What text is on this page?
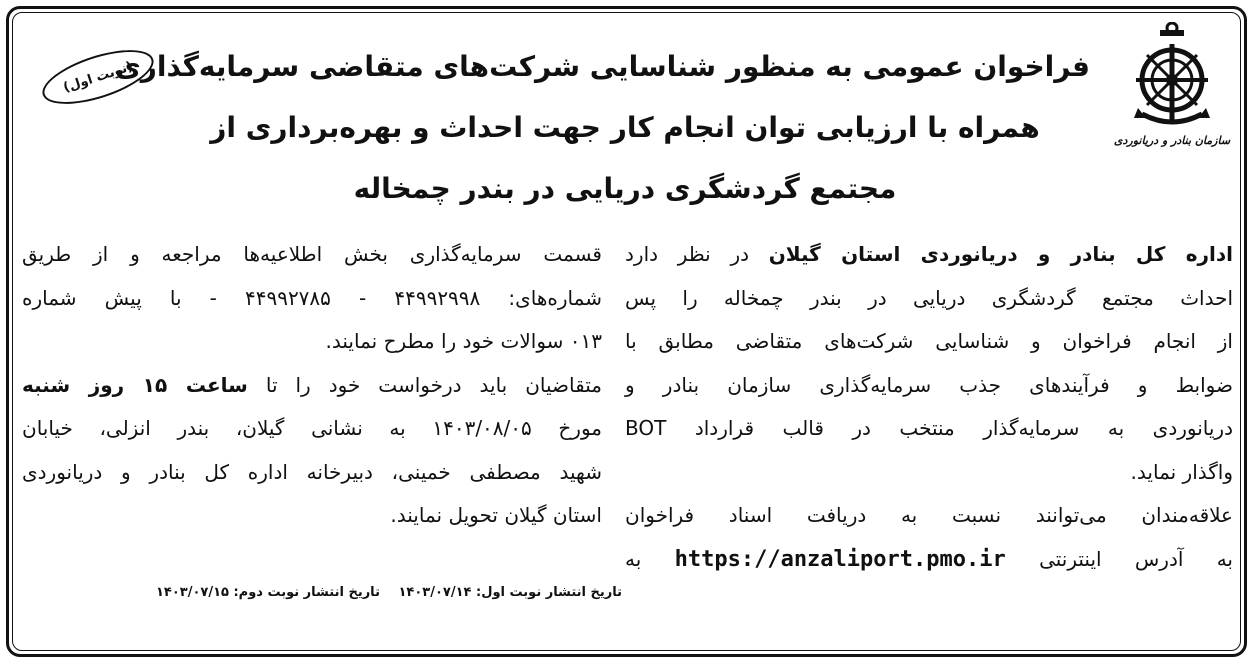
سازمان بنادر و دریانوردی
(نوبت اول)
فراخوان عمومی به منظور شناسایی شرکت‌های متقاضی سرمایه‌گذاری
همراه با ارزیابی توان انجام کار جهت احداث و بهره‌برداری از
مجتمع گردشگری دریایی در بندر چمخاله
اداره کل بنادر و دریانوردی استان گیلان در نظر دارد
احداث مجتمع گردشگری دریایی در بندر چمخاله را پس
از انجام فراخوان و شناسایی شرکت‌های متقاضی مطابق با
ضوابط و فرآیندهای جذب سرمایه‌گذاری سازمان بنادر و
دریانوردی به سرمایه‌گذار منتخب در قالب قرارداد BOT
واگذار نماید.
علاقه‌مندان می‌توانند نسبت به دریافت اسناد فراخوان
به آدرس اینترنتی https://anzaliport.pmo.ir به
قسمت سرمایه‌گذاری بخش اطلاعیه‌ها مراجعه و از طریق
شماره‌های: ۴۴۹۹۲۹۹۸ - ۴۴۹۹۲۷۸۵ - با پیش شماره
۰۱۳ سوالات خود را مطرح نمایند.
متقاضیان باید درخواست خود را تا ساعت ۱۵ روز شنبه
مورخ ۱۴۰۳/۰۸/۰۵ به نشانی گیلان، بندر انزلی، خیابان
شهید مصطفی خمینی، دبیرخانه اداره کل بنادر و دریانوردی
استان گیلان تحویل نمایند.
تاریخ انتشار نوبت اول: ۱۴۰۳/۰۷/۱۴ تاریخ انتشار نوبت دوم: ۱۴۰۳/۰۷/۱۵
